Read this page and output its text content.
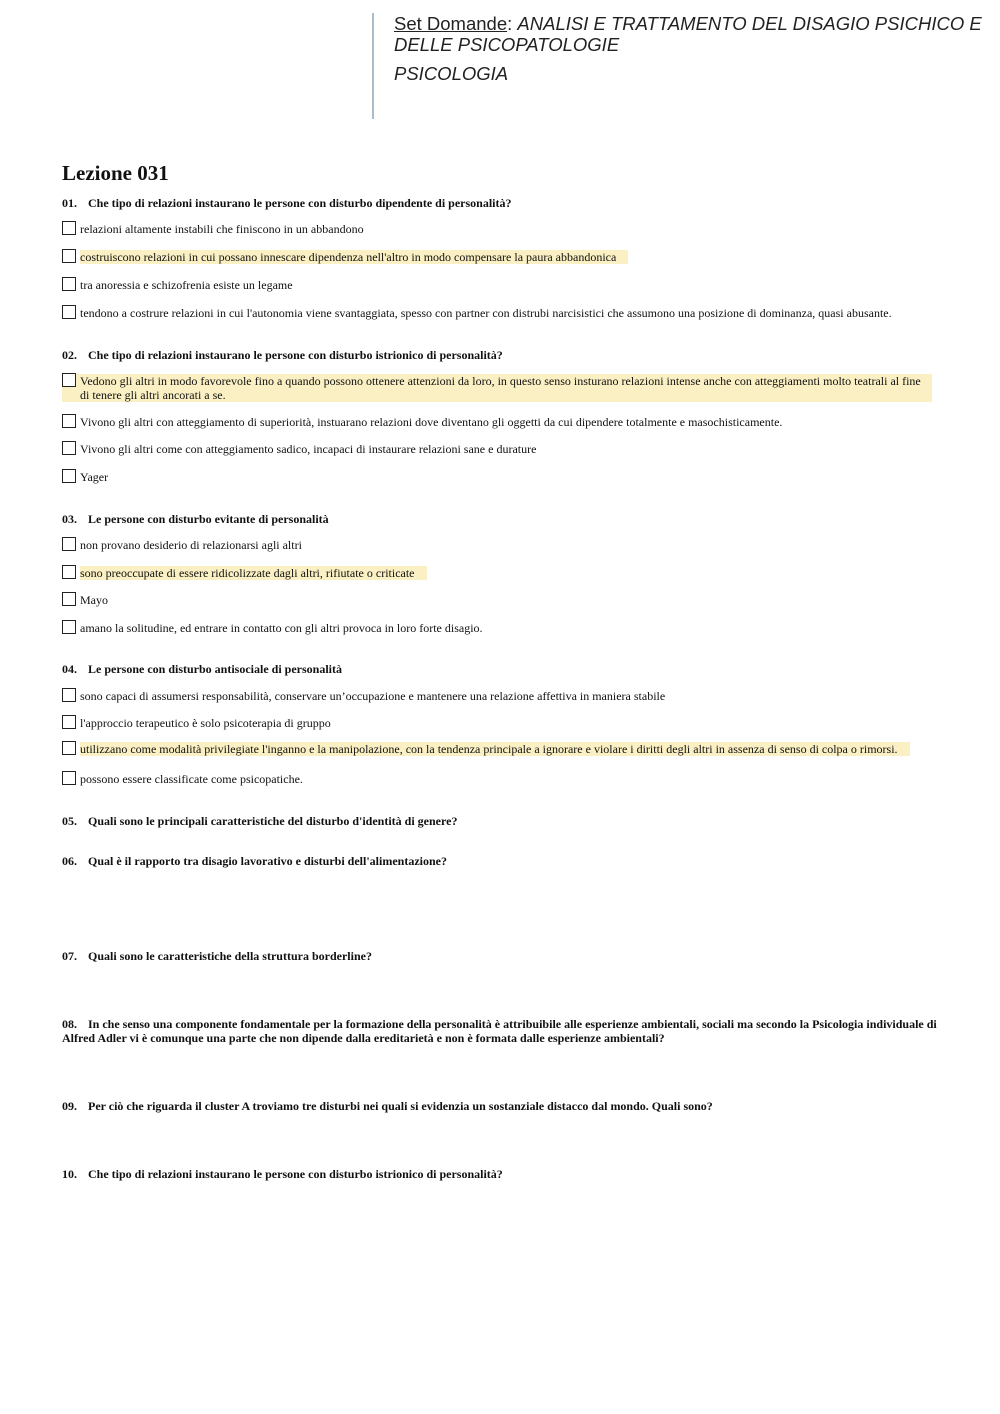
Set Domande: ANALISI E TRATTAMENTO DEL DISAGIO PSICHICO E DELLE PSICOPATOLOGIE
PSICOLOGIA
Lezione 031

01. Che tipo di relazioni instaurano le persone con disturbo dipendente di personalità?

relazioni altamente instabili che finiscono in un abbandono
costruiscono relazioni in cui possano innescare dipendenza nell'altro in modo compensare la paura abbandonica
tra anoressia e schizofrenia esiste un legame
tendono a costrure relazioni in cui l'autonomia viene svantaggiata, spesso con partner con distrubi narcisistici che assumono una posizione di dominanza, quasi abusante.

02. Che tipo di relazioni instaurano le persone con disturbo istrionico di personalità?

Vedono gli altri in modo favorevole fino a quando possono ottenere attenzioni da loro, in questo senso insturano relazioni intense anche con atteggiamenti molto teatrali al fine di tenere gli altri ancorati a se.
Vivono gli altri con atteggiamento di superiorità, instuarano relazioni dove diventano gli oggetti da cui dipendere totalmente e masochisticamente.
Vivono gli altri come con atteggiamento sadico, incapaci di instaurare relazioni sane e durature
Yager

03. Le persone con disturbo evitante di personalità

non provano desiderio di relazionarsi agli altri
sono preoccupate di essere ridicolizzate dagli altri, rifiutate o criticate
Mayo
amano la solitudine, ed entrare in contatto con gli altri provoca in loro forte disagio.

04. Le persone con disturbo antisociale di personalità

sono capaci di assumersi responsabilità, conservare un’occupazione e mantenere una relazione affettiva in maniera stabile
l'approccio terapeutico è solo psicoterapia di gruppo
utilizzano come modalità privilegiate l'inganno e la manipolazione, con la tendenza principale a ignorare e violare i diritti degli altri in assenza di senso di colpa o rimorsi.
possono essere classificate come psicopatiche.

05. Quali sono le principali caratteristiche del disturbo d'identità di genere?

06. Qual è il rapporto tra disagio lavorativo e disturbi dell'alimentazione?

07. Quali sono le caratteristiche della struttura borderline?

08. In che senso una componente fondamentale per la formazione della personalità è attribuibile alle esperienze ambientali, sociali ma secondo la Psicologia individuale di Alfred Adler vi è comunque una parte che non dipende dalla ereditarietà e non è formata dalle esperienze ambientali?

09. Per ciò che riguarda il cluster A troviamo tre disturbi nei quali si evidenzia un sostanziale distacco dal mondo. Quali sono?

10. Che tipo di relazioni instaurano le persone con disturbo istrionico di personalità?
